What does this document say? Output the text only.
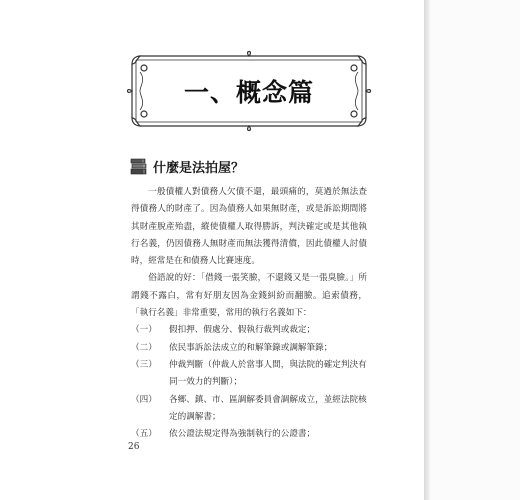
一、概念篇
什麼是法拍屋？

一般債權人對債務人欠債不還，最頭痛的，莫過於無法查得債務人的財產了。因為債務人如果無財產，或是訴訟期間將其財產脫產殆盡，縱使債權人取得勝訴，判決確定或是其他執行名義，仍因債務人無財產而無法獲得清償，因此債權人討債時，經常是在和債務人比賽速度。

俗語說的好：「借錢一張笑臉，不還錢又是一張臭臉。」所謂錢不露白，常有好朋友因為金錢糾紛而翻臉。追索債務，「執行名義」非常重要，常用的執行名義如下：

（一）	假扣押、假處分、假執行裁判或裁定；
（二）	依民事訴訟法成立的和解筆錄或調解筆錄；
（三）	仲裁判斷（仲裁人於當事人間，與法院的確定判決有同一效力的判斷）；
（四）	各鄉、鎮、市、區調解委員會調解成立，並經法院核定的調解書；
（五）	依公證法規定得為強制執行的公證書；
26
